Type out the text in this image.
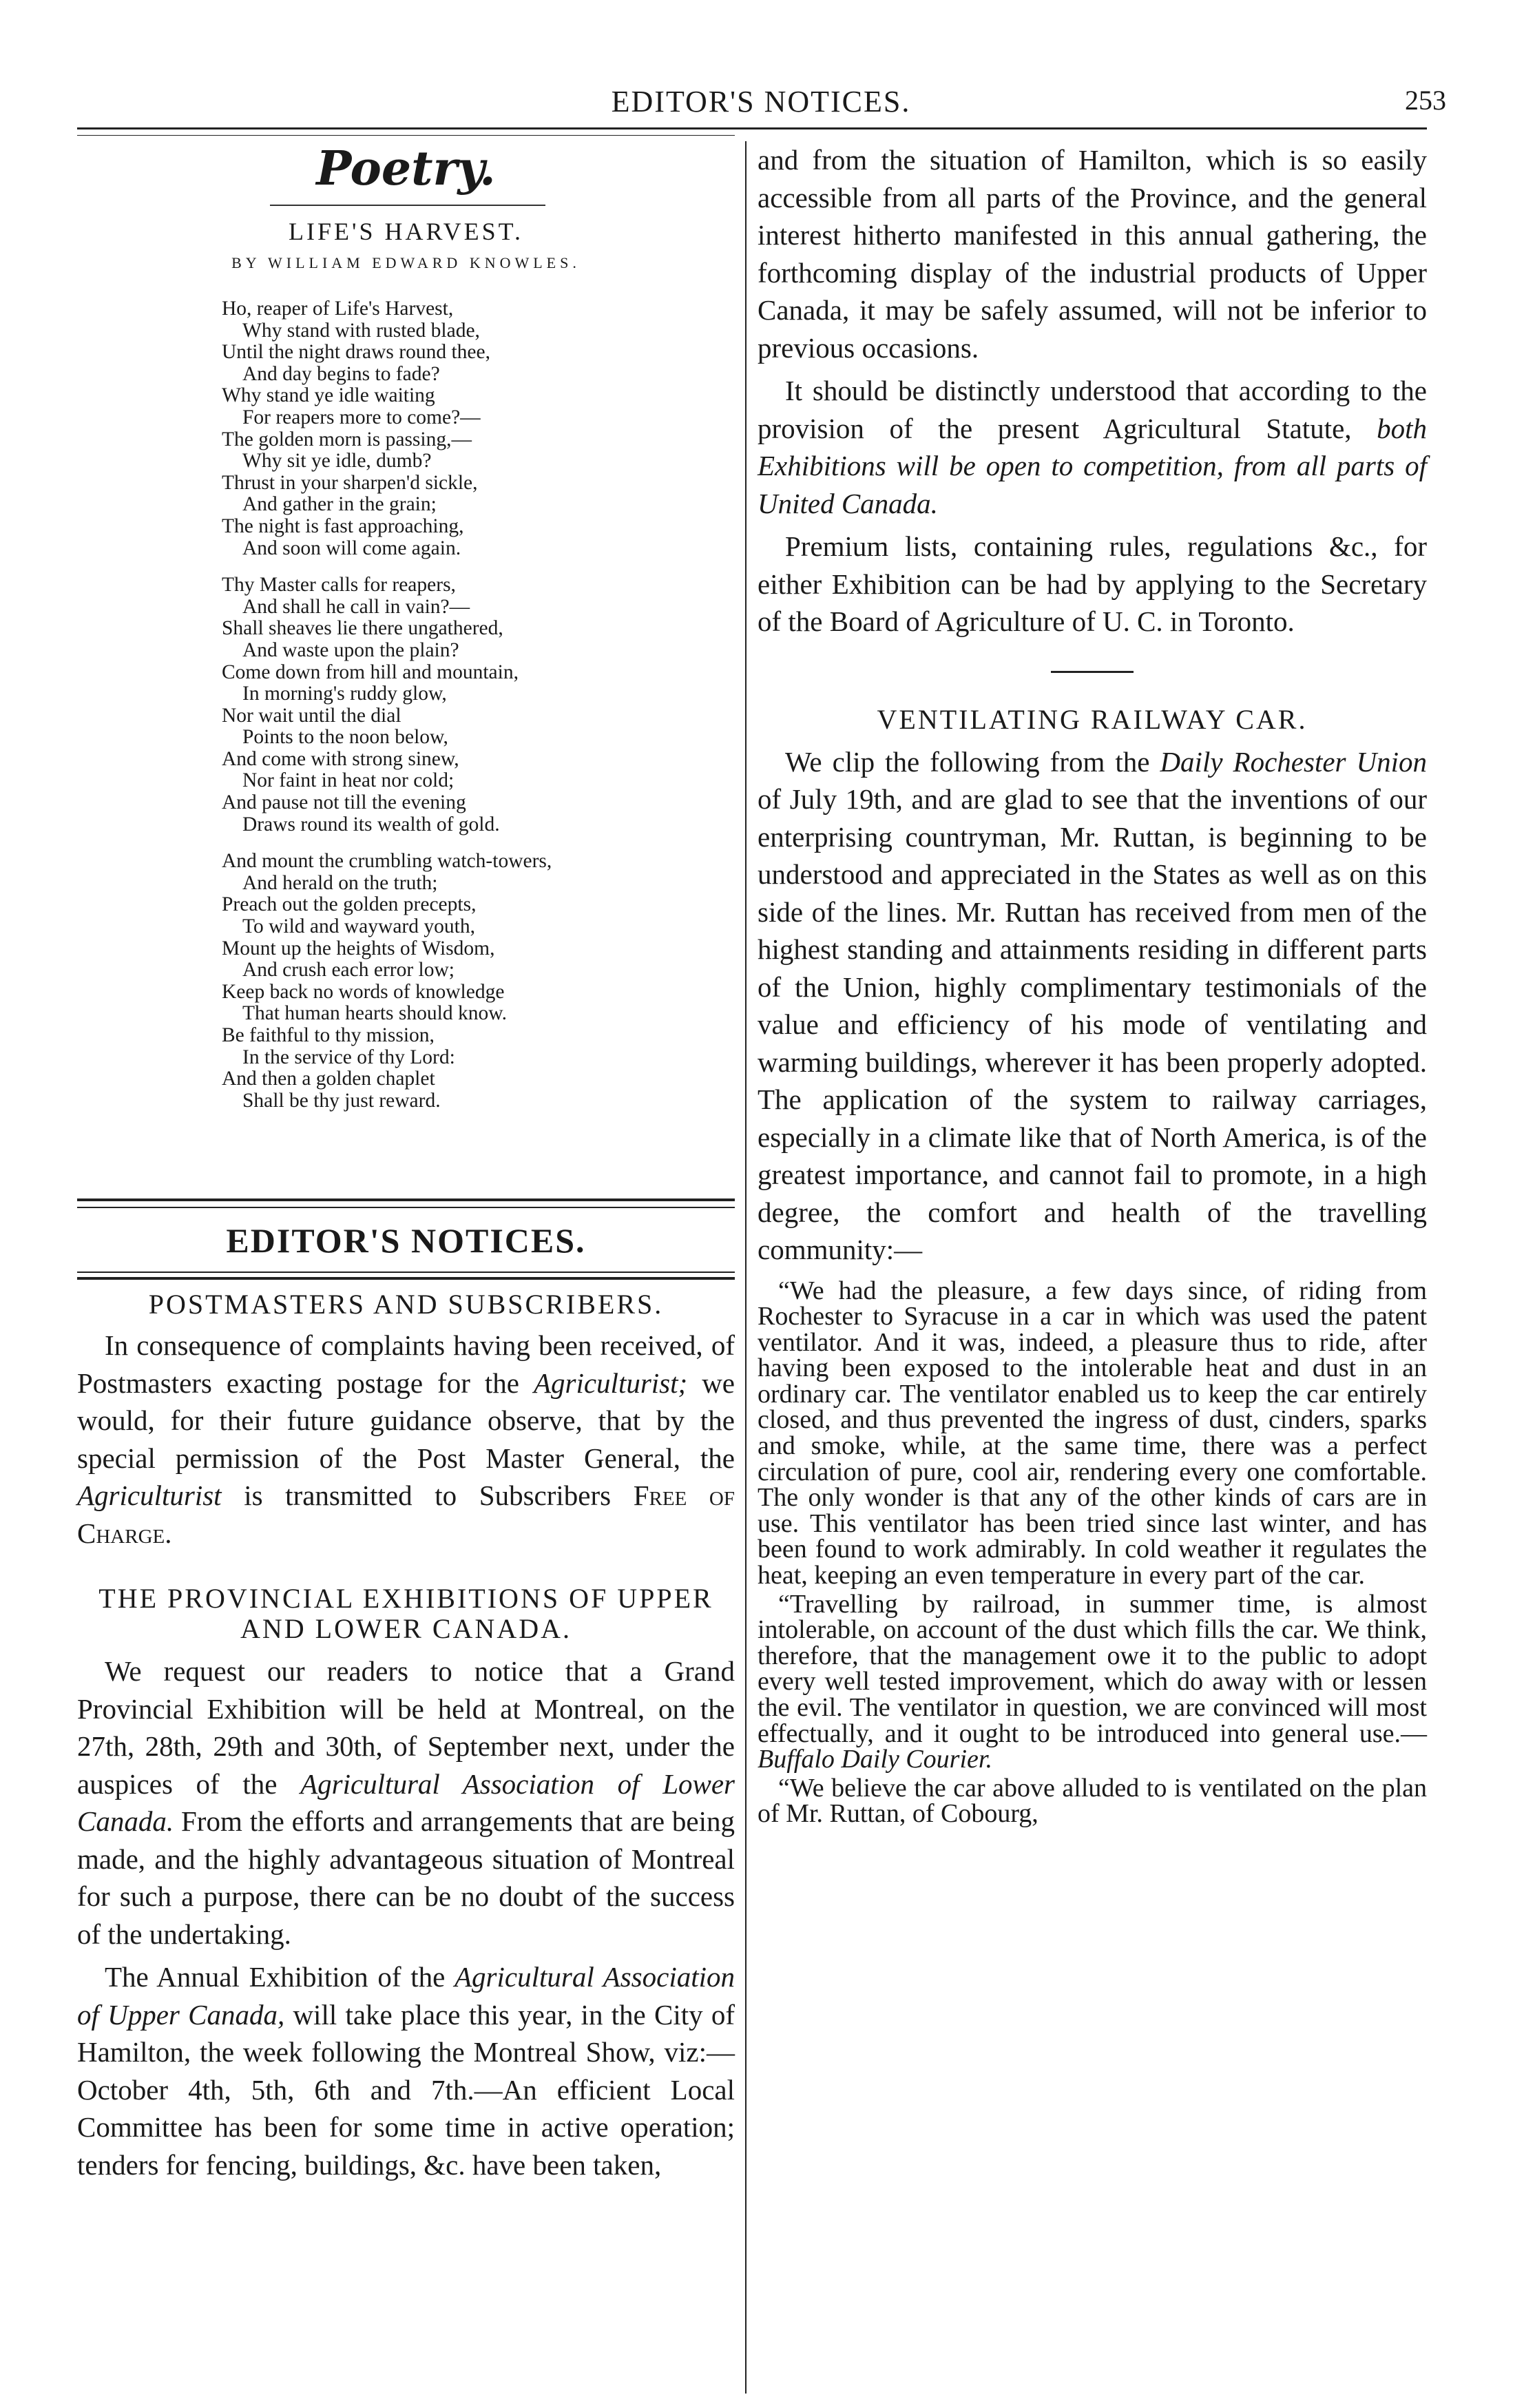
EDITOR'S NOTICES.	253
Poetry.
LIFE'S HARVEST.
BY WILLIAM EDWARD KNOWLES.
Ho, reaper of Life's Harvest,
Why stand with rusted blade,
Until the night draws round thee,
And day begins to fade?
Why stand ye idle waiting
For reapers more to come?—
The golden morn is passing,—
Why sit ye idle, dumb?
Thrust in your sharpen'd sickle,
And gather in the grain;
The night is fast approaching,
And soon will come again.
Thy Master calls for reapers,
And shall he call in vain?—
Shall sheaves lie there ungathered,
And waste upon the plain?
Come down from hill and mountain,
In morning's ruddy glow,
Nor wait until the dial
Points to the noon below,
And come with strong sinew,
Nor faint in heat nor cold;
And pause not till the evening
Draws round its wealth of gold.
And mount the crumbling watch-towers,
And herald on the truth;
Preach out the golden precepts,
To wild and wayward youth,
Mount up the heights of Wisdom,
And crush each error low;
Keep back no words of knowledge
That human hearts should know.
Be faithful to thy mission,
In the service of thy Lord:
And then a golden chaplet
Shall be thy just reward.
EDITOR'S NOTICES.
POSTMASTERS AND SUBSCRIBERS.

In consequence of complaints having been received, of Postmasters exacting postage for the Agriculturist; we would, for their future guidance observe, that by the special permission of the Post Master General, the Agriculturist is transmitted to Subscribers Free of Charge.

THE PROVINCIAL EXHIBITIONS OF UPPER AND LOWER CANADA.

We request our readers to notice that a Grand Provincial Exhibition will be held at Montreal, on the 27th, 28th, 29th and 30th, of September next, under the auspices of the Agricultural Association of Lower Canada. From the efforts and arrangements that are being made, and the highly advantageous situation of Montreal for such a purpose, there can be no doubt of the success of the undertaking.

The Annual Exhibition of the Agricultural Association of Upper Canada, will take place this year, in the City of Hamilton, the week following the Montreal Show, viz:—October 4th, 5th, 6th and 7th.—An efficient Local Committee has been for some time in active operation; tenders for fencing, buildings, &c. have been taken,

and from the situation of Hamilton, which is so easily accessible from all parts of the Province, and the general interest hitherto manifested in this annual gathering, the forthcoming display of the industrial products of Upper Canada, it may be safely assumed, will not be inferior to previous occasions.

It should be distinctly understood that according to the provision of the present Agricultural Statute, both Exhibitions will be open to competition, from all parts of United Canada.

Premium lists, containing rules, regulations &c., for either Exhibition can be had by applying to the Secretary of the Board of Agriculture of U. C. in Toronto.

VENTILATING RAILWAY CAR.

We clip the following from the Daily Rochester Union of July 19th, and are glad to see that the inventions of our enterprising countryman, Mr. Ruttan, is beginning to be understood and appreciated in the States as well as on this side of the lines. Mr. Ruttan has received from men of the highest standing and attainments residing in different parts of the Union, highly complimentary testimonials of the value and efficiency of his mode of ventilating and warming buildings, wherever it has been properly adopted. The application of the system to railway carriages, especially in a climate like that of North America, is of the greatest importance, and cannot fail to promote, in a high degree, the comfort and health of the travelling community:—

“We had the pleasure, a few days since, of riding from Rochester to Syracuse in a car in which was used the patent ventilator. And it was, indeed, a pleasure thus to ride, after having been exposed to the intolerable heat and dust in an ordinary car. The ventilator enabled us to keep the car entirely closed, and thus prevented the ingress of dust, cinders, sparks and smoke, while, at the same time, there was a perfect circulation of pure, cool air, rendering every one comfortable. The only wonder is that any of the other kinds of cars are in use. This ventilator has been tried since last winter, and has been found to work admirably. In cold weather it regulates the heat, keeping an even temperature in every part of the car.

“Travelling by railroad, in summer time, is almost intolerable, on account of the dust which fills the car. We think, therefore, that the management owe it to the public to adopt every well tested improvement, which do away with or lessen the evil. The ventilator in question, we are convinced will most effectually, and it ought to be introduced into general use.—Buffalo Daily Courier.

“We believe the car above alluded to is ventilated on the plan of Mr. Ruttan, of Cobourg,
